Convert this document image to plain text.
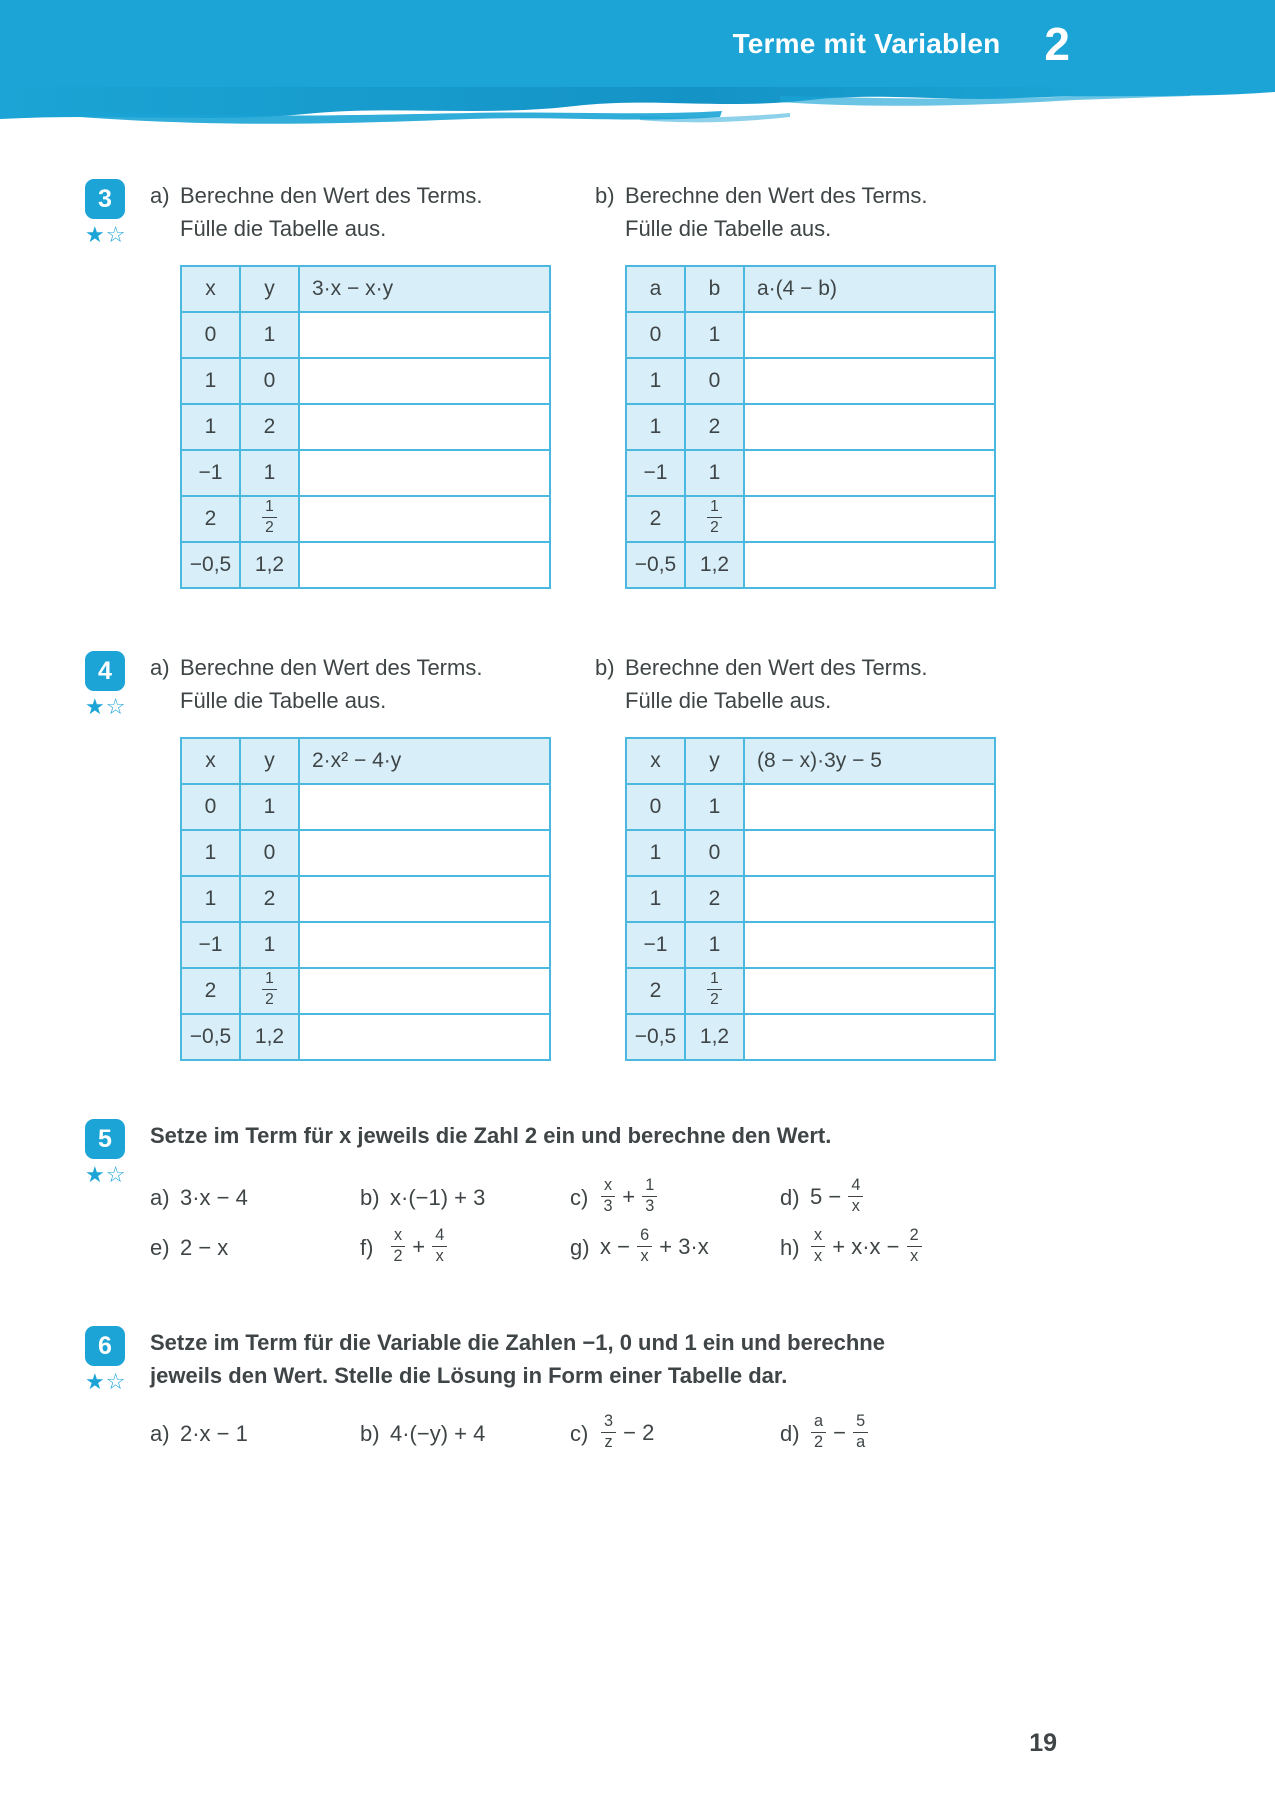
Terme mit Variablen 2
3
★☆
a) Berechne den Wert des Terms.
Fülle die Tabelle aus.
x	y	3·x − x·y
0	1	
1	0	
1	2	
−1	1	
2	$\frac{1}{2}$

−0,5	1,2	
b) Berechne den Wert des Terms.
Fülle die Tabelle aus.
a	b	a·(4 − b)
0	1	
1	0	
1	2	
−1	1	
2	$\frac{1}{2}$

−0,5	1,2	
4
★☆
a) Berechne den Wert des Terms.
Fülle die Tabelle aus.
x	y	2·x² − 4·y
0	1	
1	0	
1	2	
−1	1	
2	$\frac{1}{2}$

−0,5	1,2	
b) Berechne den Wert des Terms.
Fülle die Tabelle aus.
x	y	(8 − x)·3y − 5
0	1	
1	0	
1	2	
−1	1	
2	$\frac{1}{2}$

−0,5	1,2	
5
★☆
Setze im Term für x jeweils die Zahl 2 ein und berechne den Wert.
a) 3·x − 4	b) x·(−1) + 3	$c) \frac{x}{3} + \frac{1}{3}$	d) $5 - \frac{4}{x}$
e) 2 − x	f)	$\frac{x}{2} + \frac{4}{x}$	g) $x - \frac{6}{x} + 3\cdot x$	$h) \frac{x}{x} + x\cdot x - \frac{2}{x}$
6
★☆
Setze im Term für die Variable die Zahlen −1, 0 und 1 ein und berechne
jeweils den Wert. Stelle die Lösung in Form einer Tabelle dar.
a) 2·x − 1	b) 4·(−y) + 4	$c) \frac{3}{z} - 2$	$d) \frac{a}{2} - \frac{5}{a}$
19
